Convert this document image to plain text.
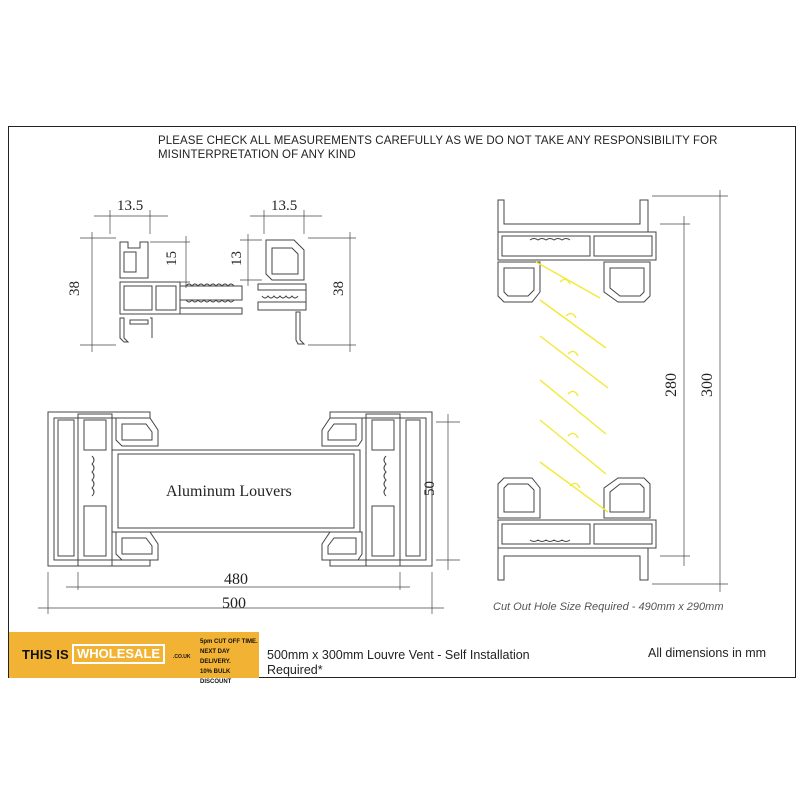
PLEASE CHECK ALL MEASUREMENTS CAREFULLY AS WE DO NOT TAKE ANY RESPONSIBILITY FOR MISINTERPRETATION OF ANY KIND
13.5
38
15
13.5
13
38
Aluminum Louvers	50
480
500
280 300
Cut Out Hole Size Required - 490mm x 290mm
THIS IS WHOLESALE	.CO.UK
5pm CUT OFF TIME.
NEXT DAY DELIVERY.
10% BULK DISCOUNT
500mm x 300mm Louvre Vent - Self Installation Required*
All dimensions in mm
